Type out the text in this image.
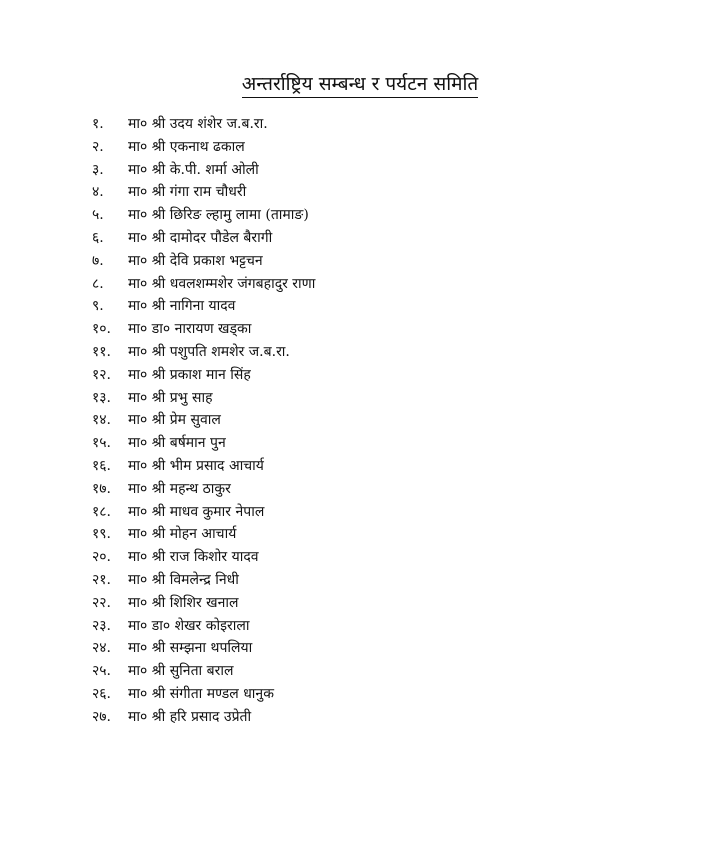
अन्तर्राष्ट्रिय सम्बन्ध र पर्यटन समिति
१.	मा० श्री उदय शंशेर ज.ब.रा.
२.	मा० श्री एकनाथ ढकाल
३.	मा० श्री के.पी. शर्मा ओली
४.	मा० श्री गंगा राम चौधरी
५.	मा० श्री छिरिङ ल्हामु लामा (तामाङ)
६.	मा० श्री दामोदर पौडेल बैरागी
७.	मा० श्री देवि प्रकाश भट्टचन
८.	मा० श्री धवलशम्मशेर जंगबहादुर राणा
९.	मा० श्री नागिना यादव
१०.	मा० डा० नारायण खड्का
११.	मा० श्री पशुपति शमशेर ज.ब.रा.
१२.	मा० श्री प्रकाश मान सिंह
१३.	मा० श्री प्रभु साह
१४.	मा० श्री प्रेम सुवाल
१५.	मा० श्री बर्षमान पुन
१६.	मा० श्री भीम प्रसाद आचार्य
१७.	मा० श्री महन्थ ठाकुर
१८.	मा० श्री माधव कुमार नेपाल
१९.	मा० श्री मोहन आचार्य
२०.	मा० श्री राज किशोर यादव
२१.	मा० श्री विमलेन्द्र निधी
२२.	मा० श्री शिशिर खनाल
२३.	मा० डा० शेखर कोइराला
२४.	मा० श्री सम्झना थपलिया
२५.	मा० श्री सुनिता बराल
२६.	मा० श्री संगीता मण्डल धानुक
२७.	मा० श्री हरि प्रसाद उप्रेती
